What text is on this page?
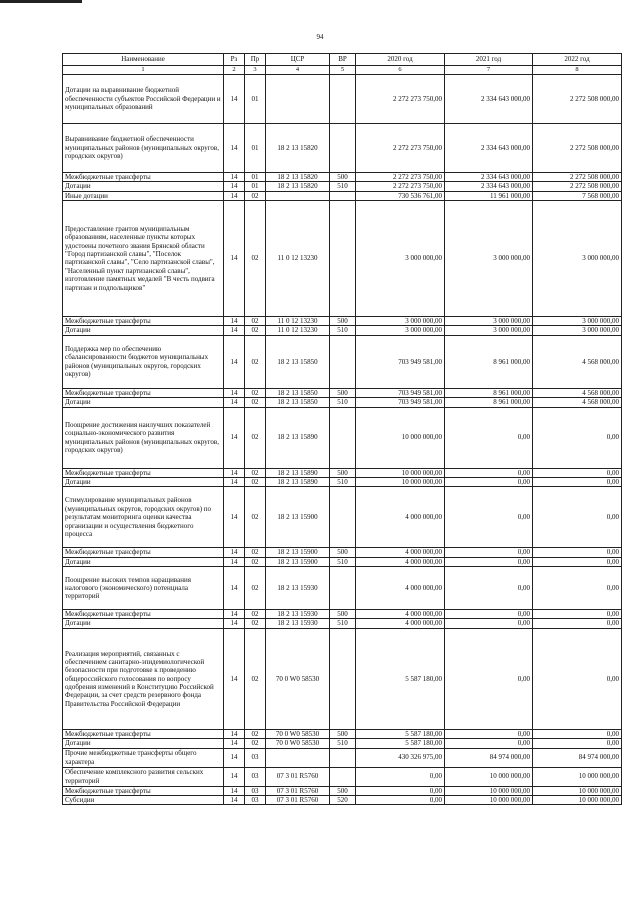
94
Наименование	Рз	Пр	ЦСР	ВР	2020 год	2021 год	2022 год
1	2	3	4	5	6	7	8
Дотации на выравнивание бюджетной обеспеченности субъектов Российской Федерации и муниципальных образований	14	01			2 272 273 750,00	2 334 643 000,00	2 272 508 000,00
Выравнивание бюджетной обеспеченности муниципальных районов (муниципальных округов, городских округов)	14	01	18 2 13 15820		2 272 273 750,00	2 334 643 000,00	2 272 508 000,00
Межбюджетные трансферты	14	01	18 2 13 15820	500	2 272 273 750,00	2 334 643 000,00	2 272 508 000,00
Дотации	14	01	18 2 13 15820	510	2 272 273 750,00	2 334 643 000,00	2 272 508 000,00
Иные дотации	14	02			730 536 761,00	11 961 000,00	7 568 000,00
Предоставление грантов муниципальным образованиям, населенные пункты которых удостоены почетного звания Брянской области "Город партизанской славы", "Поселок партизанской славы", "Село партизанской славы", "Населенный пункт партизанской славы", изготовление памятных медалей "В честь подвига партизан и подпольщиков"	14	02	11 0 12 13230		3 000 000,00	3 000 000,00	3 000 000,00
Межбюджетные трансферты	14	02	11 0 12 13230	500	3 000 000,00	3 000 000,00	3 000 000,00
Дотации	14	02	11 0 12 13230	510	3 000 000,00	3 000 000,00	3 000 000,00
Поддержка мер по обеспечению сбалансированности бюджетов муниципальных районов (муниципальных округов, городских округов)	14	02	18 2 13 15850		703 949 581,00	8 961 000,00	4 568 000,00
Межбюджетные трансферты	14	02	18 2 13 15850	500	703 949 581,00	8 961 000,00	4 568 000,00
Дотации	14	02	18 2 13 15850	510	703 949 581,00	8 961 000,00	4 568 000,00
Поощрение достижения наилучших показателей социально-экономического развития муниципальных районов (муниципальных округов, городских округов)	14	02	18 2 13 15890		10 000 000,00	0,00	0,00
Межбюджетные трансферты	14	02	18 2 13 15890	500	10 000 000,00	0,00	0,00
Дотации	14	02	18 2 13 15890	510	10 000 000,00	0,00	0,00
Стимулирование муниципальных районов (муниципальных округов, городских округов) по результатам мониторинга оценки качества организации и осуществления бюджетного процесса	14	02	18 2 13 15900		4 000 000,00	0,00	0,00
Межбюджетные трансферты	14	02	18 2 13 15900	500	4 000 000,00	0,00	0,00
Дотации	14	02	18 2 13 15900	510	4 000 000,00	0,00	0,00
Поощрение высоких темпов наращивания налогового (экономического) потенциала территорий	14	02	18 2 13 15930		4 000 000,00	0,00	0,00
Межбюджетные трансферты	14	02	18 2 13 15930	500	4 000 000,00	0,00	0,00
Дотации	14	02	18 2 13 15930	510	4 000 000,00	0,00	0,00
Реализация мероприятий, связанных с обеспечением санитарно-эпидемиологической безопасности при подготовке к проведению общероссийского голосования по вопросу одобрения изменений в Конституцию Российской Федерации, за счет средств резервного фонда Правительства Российской Федерации	14	02	70 0 W0 58530		5 587 180,00	0,00	0,00
Межбюджетные трансферты	14	02	70 0 W0 58530	500	5 587 180,00	0,00	0,00
Дотации	14	02	70 0 W0 58530	510	5 587 180,00	0,00	0,00
Прочие межбюджетные трансферты общего характера	14	03			430 326 975,00	84 974 000,00	84 974 000,00
Обеспечение комплексного развития сельских территорий	14	03	07 3 01 R5760		0,00	10 000 000,00	10 000 000,00
Межбюджетные трансферты	14	03	07 3 01 R5760	500	0,00	10 000 000,00	10 000 000,00
Субсидии	14	03	07 3 01 R5760	520	0,00	10 000 000,00	10 000 000,00
